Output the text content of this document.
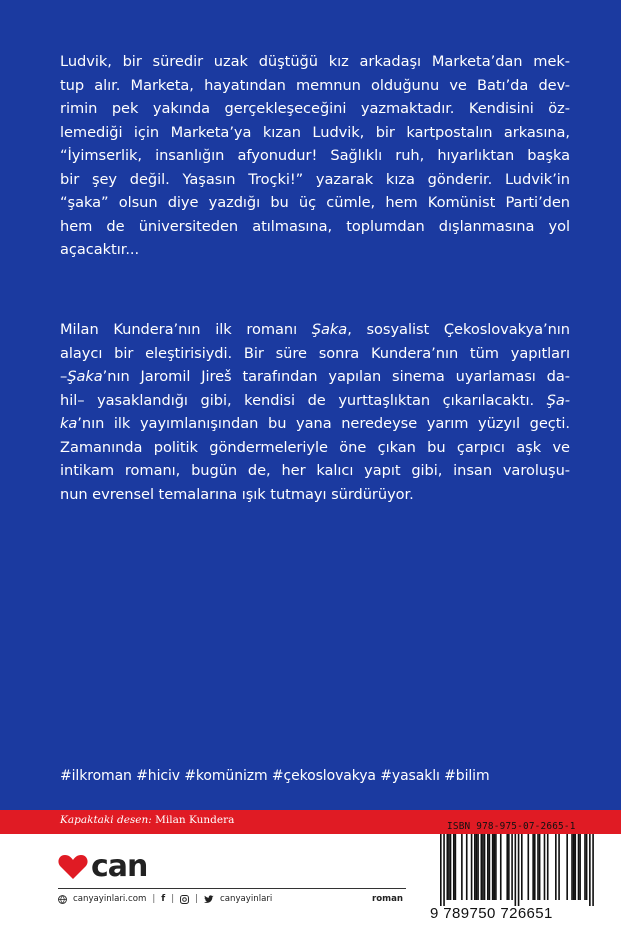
Ludvik, bir süredir uzak düştüğü kız arkadaşı Marketa’dan mek-
tup alır. Marketa, hayatından memnun olduğunu ve Batı’da dev-
rimin pek yakında gerçekleşeceğini yazmaktadır. Kendisini öz-
lemediği için Marketa’ya kızan Ludvik, bir kartpostalın arkasına,
“İyimserlik, insanlığın afyonudur! Sağlıklı ruh, hıyarlıktan başka
bir şey değil. Yaşasın Troçki!” yazarak kıza gönderir. Ludvik’in
“şaka” olsun diye yazdığı bu üç cümle, hem Komünist Parti’den
hem de üniversiteden atılmasına, toplumdan dışlanmasına yol
açacaktır...
Milan Kundera’nın ilk romanı Şaka, sosyalist Çekoslovakya’nın
alaycı bir eleştirisiydi. Bir süre sonra Kundera’nın tüm yapıtları
–Şaka’nın Jaromil Jireš tarafından yapılan sinema uyarlaması da-
hil– yasaklandığı gibi, kendisi de yurttaşlıktan çıkarılacaktı. Şa-
ka’nın ilk yayımlanışından bu yana neredeyse yarım yüzyıl geçti.
Zamanında politik göndermeleriyle öne çıkan bu çarpıcı aşk ve
intikam romanı, bugün de, her kalıcı yapıt gibi, insan varoluşu-
nun evrensel temalarına ışık tutmayı sürdürüyor.
#ilkroman #hiciv #komünizm #çekoslovakya #yasaklı #bilim
Kapaktaki desen: Milan Kundera
can
canyayinlari.com | f | |	canyayinlari	roman
ISBN 978-975-07-2665-1
9 789750 726651
